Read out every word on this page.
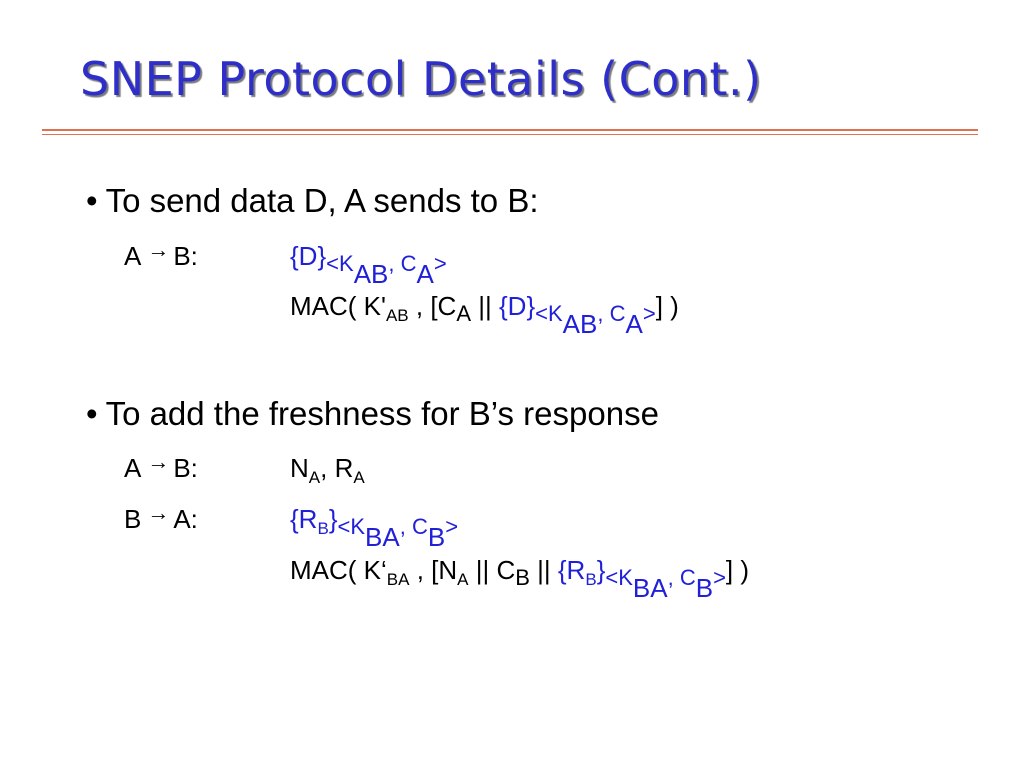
SNEP Protocol Details (Cont.)
• To send data D, A sends to B:
A → B:	$\{D\}_{<KAB, CA>}$
MAC( $K'_{AB}$ , [$C_A$ || $\{D\}_{<KAB, CA>}$] )
• To add the freshness for B’s response
A → B:	$N_A$, $R_A$
B → A:	$\{R_B\}_{<KBA, CB>}$
MAC( $K‘_{BA}$ , [$N_A$ || $C_B$ || $\{R_B\}_{<KBA, CB>}$] )
